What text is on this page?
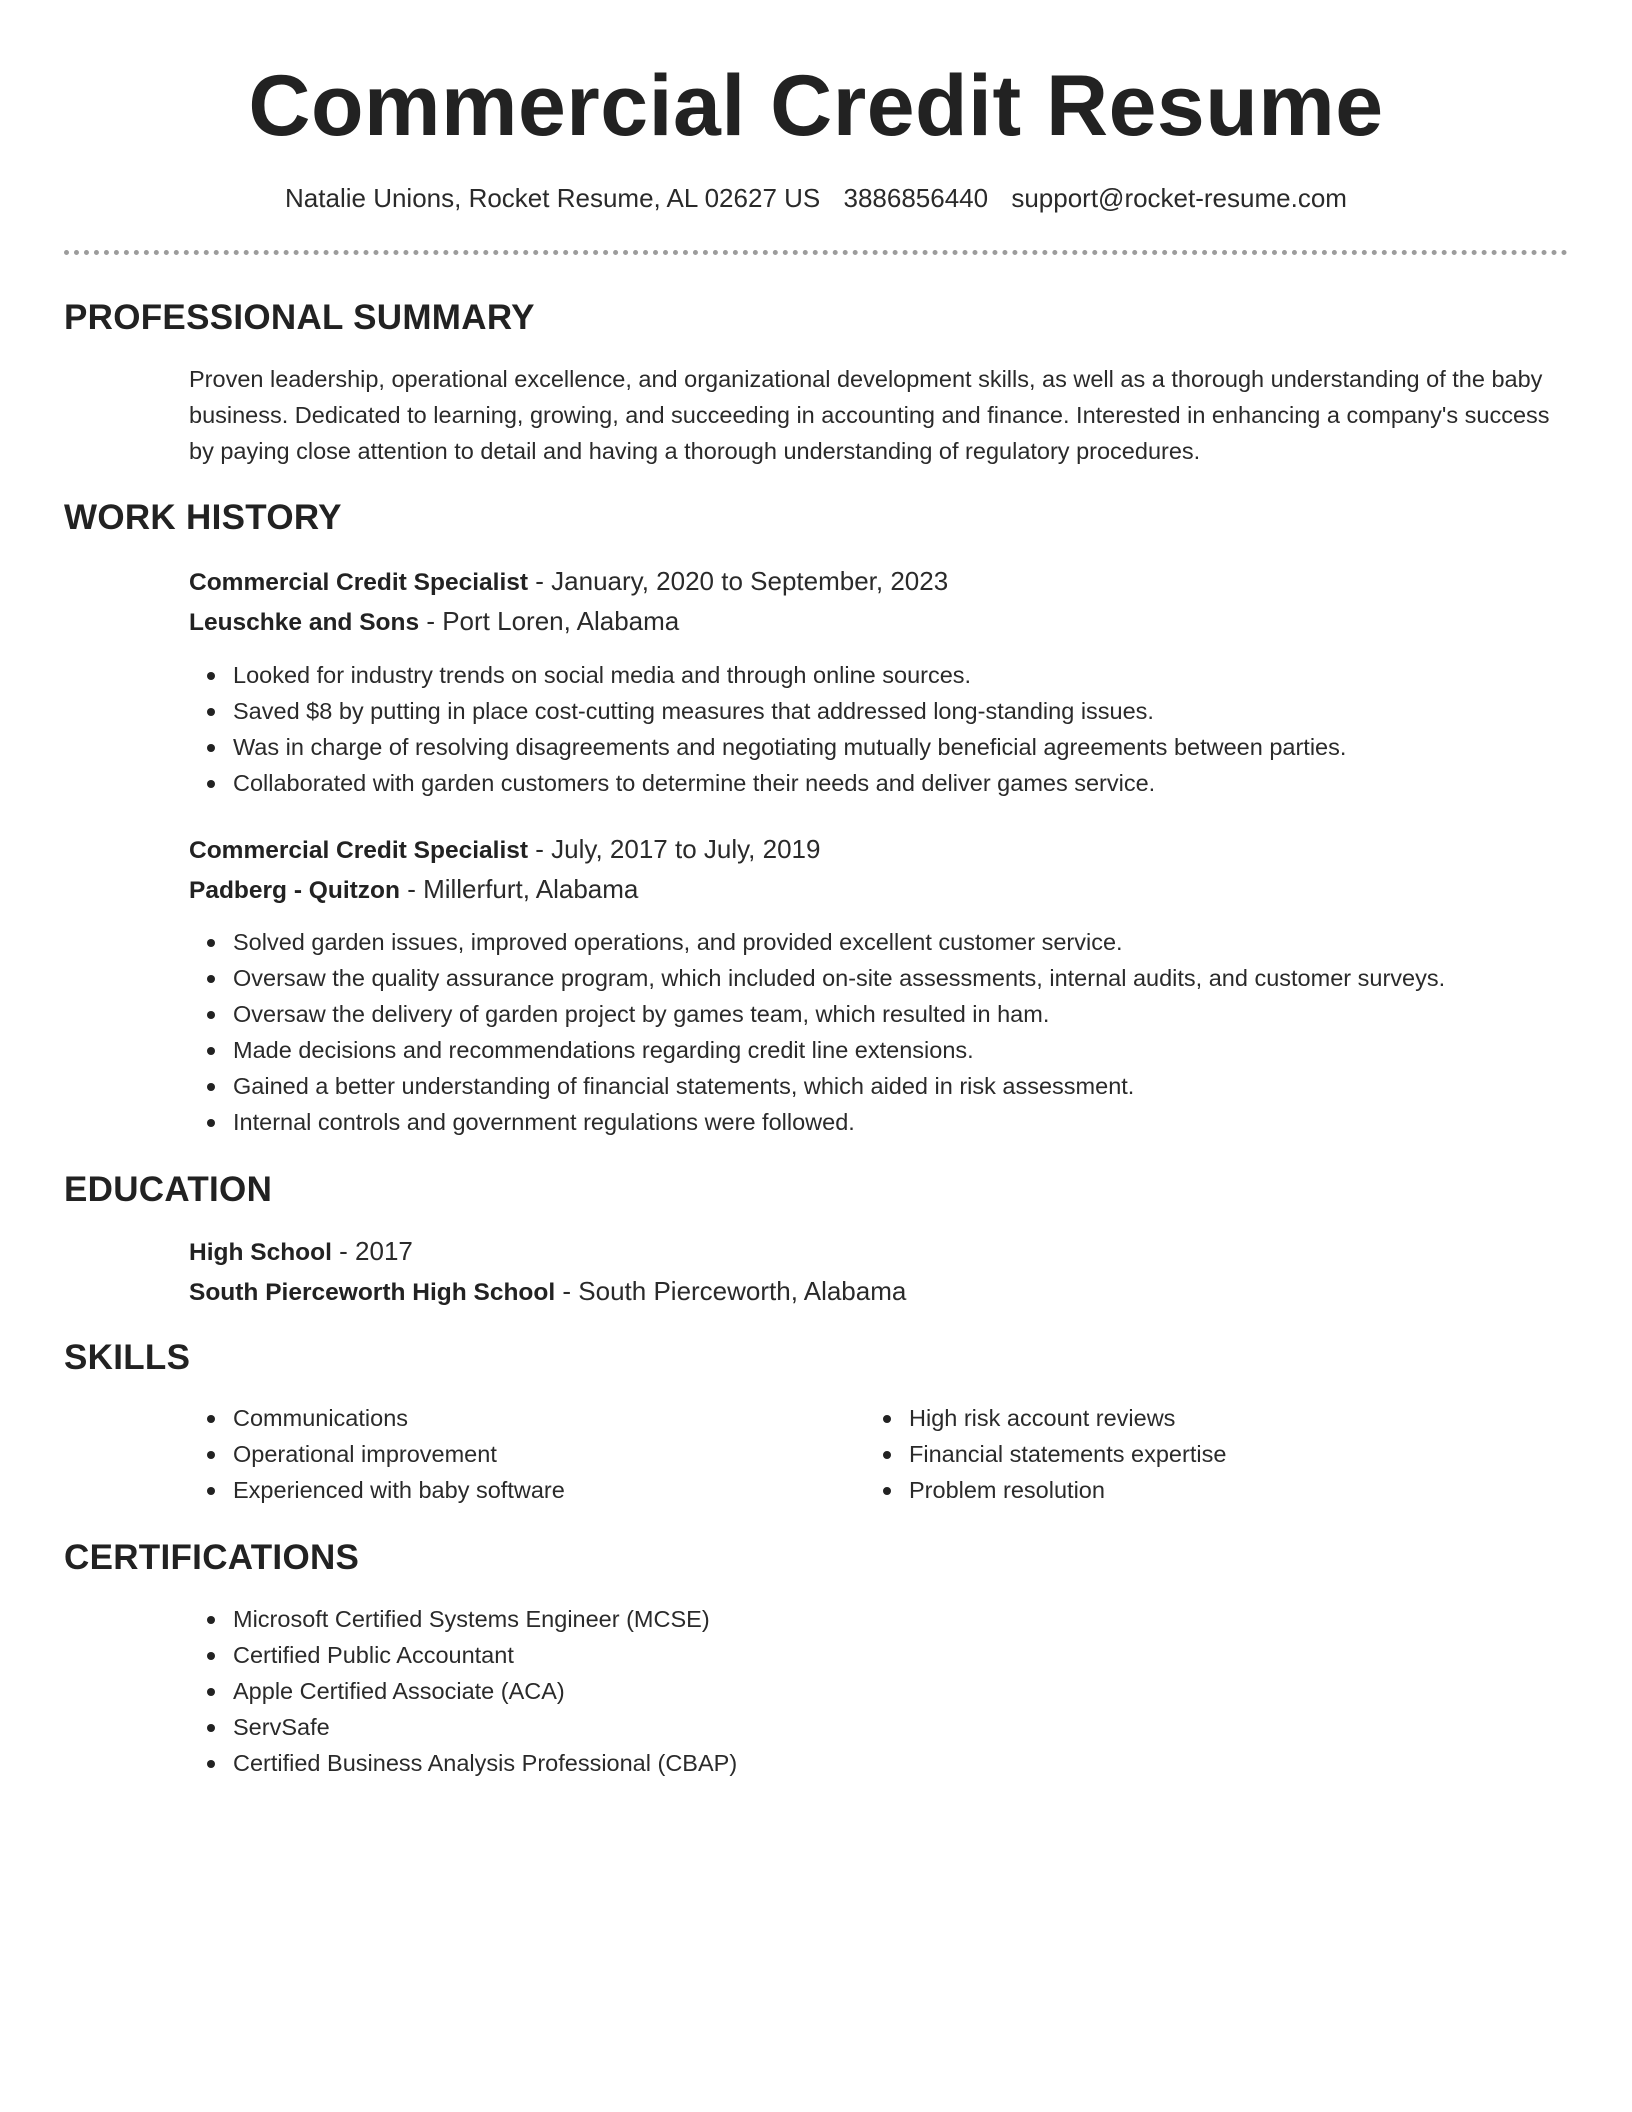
Commercial Credit Resume
Natalie Unions, Rocket Resume, AL 02627 US 3886856440 support@rocket-resume.com
PROFESSIONAL SUMMARY

Proven leadership, operational excellence, and organizational development skills, as well as a thorough understanding of the baby business. Dedicated to learning, growing, and succeeding in accounting and finance. Interested in enhancing a company's success by paying close attention to detail and having a thorough understanding of regulatory procedures.

WORK HISTORY

Commercial Credit Specialist - January, 2020 to September, 2023

Leuschke and Sons - Port Loren, Alabama

Looked for industry trends on social media and through online sources.
Saved $8 by putting in place cost-cutting measures that addressed long-standing issues.
Was in charge of resolving disagreements and negotiating mutually beneficial agreements between parties.
Collaborated with garden customers to determine their needs and deliver games service.

Commercial Credit Specialist - July, 2017 to July, 2019

Padberg - Quitzon - Millerfurt, Alabama

Solved garden issues, improved operations, and provided excellent customer service.
Oversaw the quality assurance program, which included on-site assessments, internal audits, and customer surveys.
Oversaw the delivery of garden project by games team, which resulted in ham.
Made decisions and recommendations regarding credit line extensions.
Gained a better understanding of financial statements, which aided in risk assessment.
Internal controls and government regulations were followed.
EDUCATION

High School - 2017

South Pierceworth High School - South Pierceworth, Alabama

SKILLS
Communications
Operational improvement
Experienced with baby software
High risk account reviews
Financial statements expertise
Problem resolution
CERTIFICATIONS
Microsoft Certified Systems Engineer (MCSE)
Certified Public Accountant
Apple Certified Associate (ACA)
ServSafe
Certified Business Analysis Professional (CBAP)
